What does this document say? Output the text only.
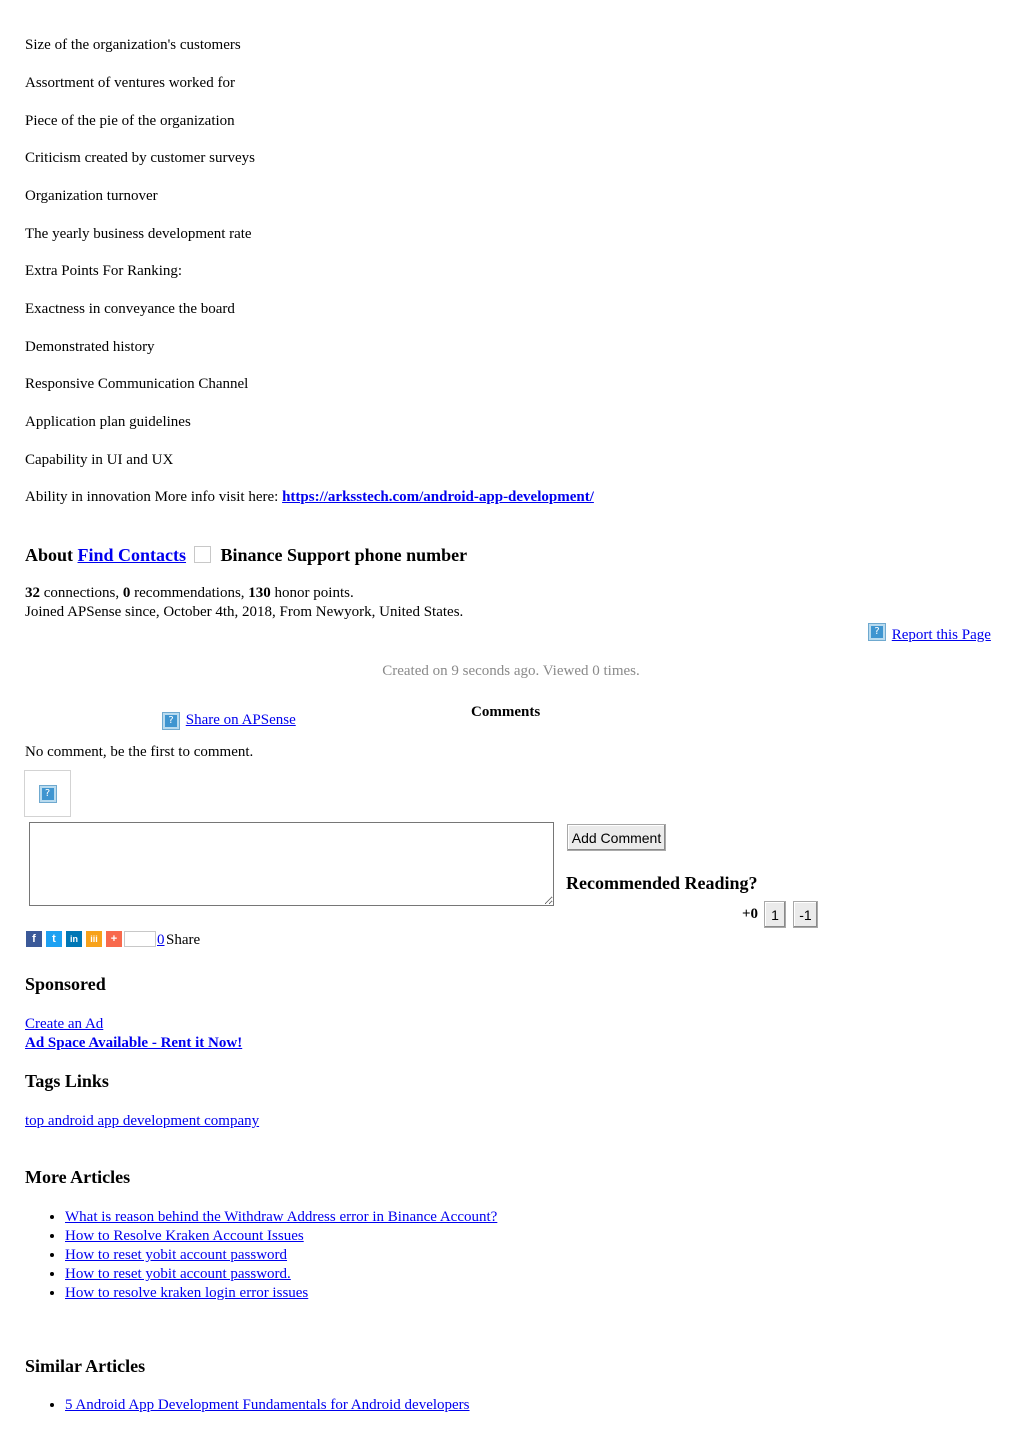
Size of the organization's customers
Assortment of ventures worked for
Piece of the pie of the organization
Criticism created by customer surveys
Organization turnover
The yearly business development rate
Extra Points For Ranking:
Exactness in conveyance the board
Demonstrated history
Responsive Communication Channel
Application plan guidelines
Capability in UI and UX
Ability in innovation More info visit here: https://arksstech.com/android-app-development/
About Find Contacts Binance Support phone number
32 connections, 0 recommendations, 130 honor points.
Joined APSense since, October 4th, 2018, From Newyork, United States.
? Report this Page
Created on 9 seconds ago. Viewed 0 times.
Comments
? Share on APSense
No comment, be the first to comment.
?
Add Comment
Recommended Reading?
+0 1	-1
f	t	in	iii	+	0 Share
Sponsored
Create an Ad
Ad Space Available - Rent it Now!
Tags Links
top android app development company
More Articles
• What is reason behind the Withdraw Address error in Binance Account?
• How to Resolve Kraken Account Issues
• How to reset yobit account password
• How to reset yobit account password.
• How to resolve kraken login error issues
Similar Articles
• 5 Android App Development Fundamentals for Android developers
